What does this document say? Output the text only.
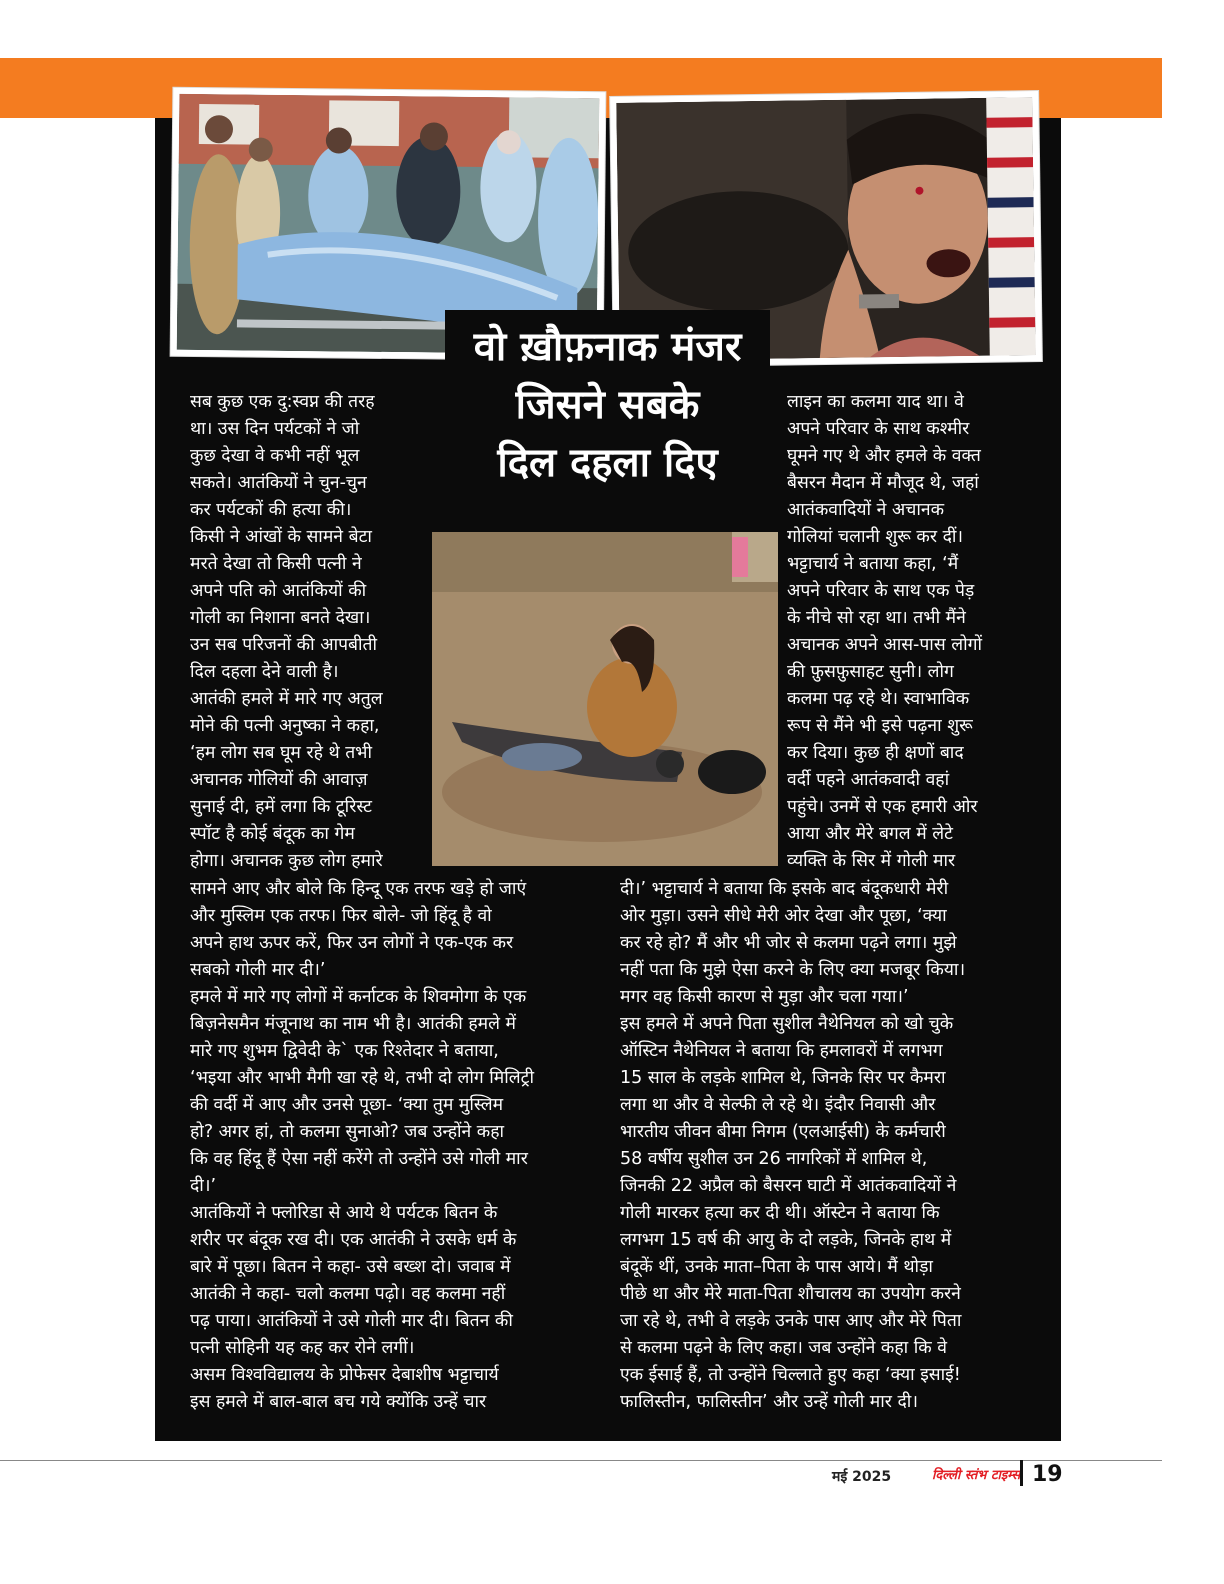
वो ख़ौफ़नाक मंजर
जिसने सबके
दिल दहला दिए

सब कुछ एक दु:स्वप्न की तरह

था। उस दिन पर्यटकों ने जो

कुछ देखा वे कभी नहीं भूल

सकते। आतंकियों ने चुन-चुन

कर पर्यटकों की हत्या की।

किसी ने आंखों के सामने बेटा

मरते देखा तो किसी पत्नी ने

अपने पति को आतंकियों की

गोली का निशाना बनते देखा।

उन सब परिजनों की आपबीती

दिल दहला देने वाली है।

आतंकी हमले में मारे गए अतुल

मोने की पत्नी अनुष्का ने कहा,

‘हम लोग सब घूम रहे थे तभी

अचानक गोलियों की आवाज़

सुनाई दी, हमें लगा कि टूरिस्ट

स्पॉट है कोई बंदूक का गेम

होगा। अचानक कुछ लोग हमारे

सामने आए और बोले कि हिन्दू एक तरफ खड़े हो जाएं

और मुस्लिम एक तरफ। फिर बोले- जो हिंदू है वो

अपने हाथ ऊपर करें, फिर उन लोगों ने एक-एक कर

सबको गोली मार दी।’

हमले में मारे गए लोगों में कर्नाटक के शिवमोगा के एक

बिज़नेसमैन मंजूनाथ का नाम भी है। आतंकी हमले में

मारे गए शुभम द्विवेदी के` एक रिश्तेदार ने बताया,

‘भइया और भाभी मैगी खा रहे थे, तभी दो लोग मिलिट्री

की वर्दी में आए और उनसे पूछा- ‘क्या तुम मुस्लिम

हो? अगर हां, तो कलमा सुनाओ? जब उन्होंने कहा

कि वह हिंदू हैं ऐसा नहीं करेंगे तो उन्होंने उसे गोली मार

दी।’

आतंकियों ने फ्लोरिडा से आये थे पर्यटक बितन के

शरीर पर बंदूक रख दी। एक आतंकी ने उसके धर्म के

बारे में पूछा। बितन ने कहा- उसे बख्श दो। जवाब में

आतंकी ने कहा- चलो कलमा पढ़ो। वह कलमा नहीं

पढ़ पाया। आतंकियों ने उसे गोली मार दी। बितन की

पत्नी सोहिनी यह कह कर रोने लगीं।

असम विश्वविद्यालय के प्रोफेसर देबाशीष भट्टाचार्य

इस हमले में बाल-बाल बच गये क्योंकि उन्हें चार

लाइन का कलमा याद था। वे

अपने परिवार के साथ कश्मीर

घूमने गए थे और हमले के वक्त

बैसरन मैदान में मौजूद थे, जहां

आतंकवादियों ने अचानक

गोलियां चलानी शुरू कर दीं।

भट्टाचार्य ने बताया कहा, ‘मैं

अपने परिवार के साथ एक पेड़

के नीचे सो रहा था। तभी मैंने

अचानक अपने आस-पास लोगों

की फ़ुसफ़ुसाहट सुनी। लोग

कलमा पढ़ रहे थे। स्वाभाविक

रूप से मैंने भी इसे पढ़ना शुरू

कर दिया। कुछ ही क्षणों बाद

वर्दी पहने आतंकवादी वहां

पहुंचे। उनमें से एक हमारी ओर

आया और मेरे बगल में लेटे

व्यक्ति के सिर में गोली मार

दी।’ भट्टाचार्य ने बताया कि इसके बाद बंदूकधारी मेरी

ओर मुड़ा। उसने सीधे मेरी ओर देखा और पूछा, ‘क्या

कर रहे हो? मैं और भी जोर से कलमा पढ़ने लगा। मुझे

नहीं पता कि मुझे ऐसा करने के लिए क्या मजबूर किया।

मगर वह किसी कारण से मुड़ा और चला गया।’

इस हमले में अपने पिता सुशील नैथेनियल को खो चुके

ऑस्टिन नैथेनियल ने बताया कि हमलावरों में लगभग

15 साल के लड़के शामिल थे, जिनके सिर पर कैमरा

लगा था और वे सेल्फी ले रहे थे। इंदौर निवासी और

भारतीय जीवन बीमा निगम (एलआईसी) के कर्मचारी

58 वर्षीय सुशील उन 26 नागरिकों में शामिल थे,

जिनकी 22 अप्रैल को बैसरन घाटी में आतंकवादियों ने

गोली मारकर हत्या कर दी थी। ऑस्टेन ने बताया कि

लगभग 15 वर्ष की आयु के दो लड़के, जिनके हाथ में

बंदूकें थीं, उनके माता–पिता के पास आये। मैं थोड़ा

पीछे था और मेरे माता-पिता शौचालय का उपयोग करने

जा रहे थे, तभी वे लड़के उनके पास आए और मेरे पिता

से कलमा पढ़ने के लिए कहा। जब उन्होंने कहा कि वे

एक ईसाई हैं, तो उन्होंने चिल्लाते हुए कहा ‘क्या इसाई!

फालिस्तीन, फालिस्तीन’ और उन्हें गोली मार दी।

मई 2025	दिल्ली स्तंभ टाइम्स 19
